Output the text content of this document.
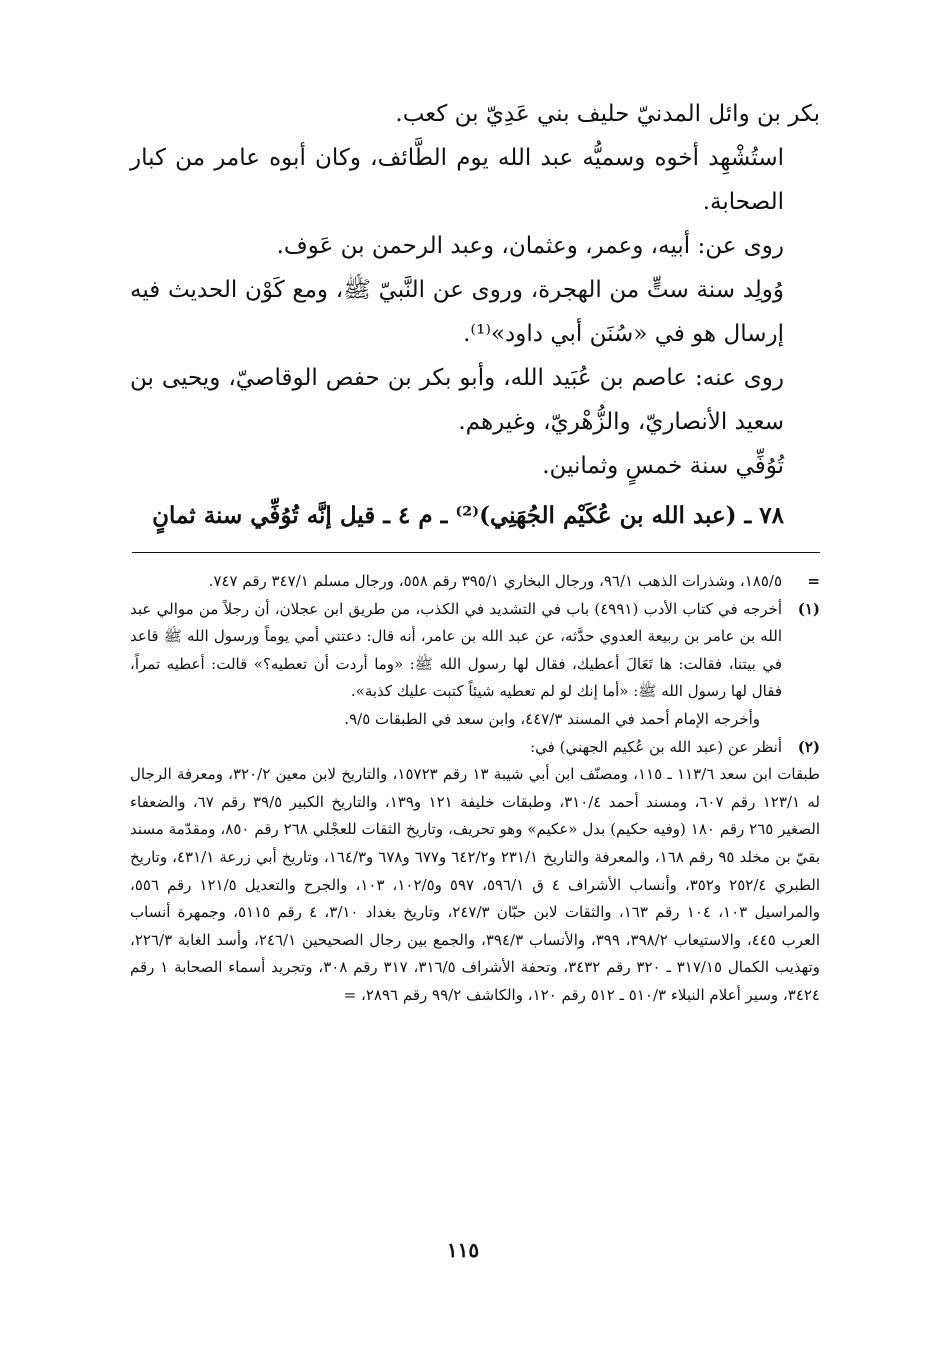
بكر بن وائل المدنيّ حليف بني عَدِيّ بن كعب.

استُشْهِد أخوه وسميُّه عبد الله يوم الطَّائف، وكان أبوه عامر من كبار الصحابة.

روى عن: أبيه، وعمر، وعثمان، وعبد الرحمن بن عَوف.

وُولِد سنة ستٍّ من الهجرة، وروى عن النَّبيّ ﷺ، ومع كَوْن الحديث فيه إرسال هو في «سُنَن أبي داود»⁽¹⁾.

روى عنه: عاصم بن عُبَيد الله، وأبو بكر بن حفص الوقاصيّ، ويحيى بن سعيد الأنصاريّ، والزُّهْريّ، وغيرهم.

تُوُفِّي سنة خمسٍ وثمانين.

٧٨ ـ (عبد الله بن عُكَيْم الجُهَنِي)⁽²⁾ ـ م ٤ ـ قيل إنَّه تُوُفِّي سنة ثمانٍ

=

١٨٥/٥، وشذرات الذهب ٩٦/١، ورجال البخاري ٣٩٥/١ رقم ٥٥٨، ورجال مسلم ٣٤٧/١ رقم ٧٤٧.

(١)

أخرجه في كتاب الأدب (٤٩٩١) باب في التشديد في الكذب، من طريق ابن عجلان، أن رجلاً من موالي عبد الله بن عامر بن ربيعة العدوي حدَّثه، عن عبد الله بن عامر، أنه قال: دعتني أمي يوماً ورسول الله ﷺ قاعد في بيتنا، فقالت: ها تَعَالَ أعطيك، فقال لها رسول الله ﷺ: «وما أردت أن تعطيه؟» قالت: أعطيه تمراً، فقال لها رسول الله ﷺ: «أما إنك لو لم تعطيه شيئاً كتبت عليك كذبة».

وأخرجه الإمام أحمد في المسند ٤٤٧/٣، وابن سعد في الطبقات ٩/٥.

(٢)

أنظر عن (عبد الله بن عُكيم الجهني) في:

طبقات ابن سعد ١١٣/٦ ـ ١١٥، ومصنّف ابن أبي شيبة ١٣ رقم ١٥٧٢٣، والتاريخ لابن معين ٣٢٠/٢، ومعرفة الرجال له ١٢٣/١ رقم ٦٠٧، ومسند أحمد ٣١٠/٤، وطبقات خليفة ١٢١ و١٣٩، والتاريخ الكبير ٣٩/٥ رقم ٦٧، والضعفاء الصغير ٢٦٥ رقم ١٨٠ (وفيه حكيم) بدل «عكيم» وهو تحريف، وتاريخ الثقات للعجْلي ٢٦٨ رقم ٨٥٠، ومقدّمة مسند بقيّ بن مخلد ٩٥ رقم ١٦٨، والمعرفة والتاريخ ٢٣١/١ و٦٤٢/٢ و٦٧٧ و٦٧٨ و١٦٤/٣، وتاريخ أبي زرعة ٤٣١/١، وتاريخ الطبري ٢٥٢/٤ و٣٥٢، وأنساب الأشراف ٤ ق ٥٩٦/١، ٥٩٧ و١٠٢/٥، ١٠٣، والجرح والتعديل ١٢١/٥ رقم ٥٥٦، والمراسيل ١٠٣، ١٠٤ رقم ١٦٣، والثقات لابن حبّان ٢٤٧/٣، وتاريخ بغداد ٣/١٠، ٤ رقم ٥١١٥، وجمهرة أنساب العرب ٤٤٥، والاستيعاب ٣٩٨/٢، ٣٩٩، والأنساب ٣٩٤/٣، والجمع بين رجال الصحيحين ٢٤٦/١، وأسد الغابة ٢٢٦/٣، وتهذيب الكمال ٣١٧/١٥ ـ ٣٢٠ رقم ٣٤٣٢، وتحفة الأشراف ٣١٦/٥، ٣١٧ رقم ٣٠٨، وتجريد أسماء الصحابة ١ رقم ٣٤٢٤، وسير أعلام النبلاء ٥١٠/٣ ـ ٥١٢ رقم ١٢٠، والكاشف ٩٩/٢ رقم ٢٨٩٦، =

١١٥
